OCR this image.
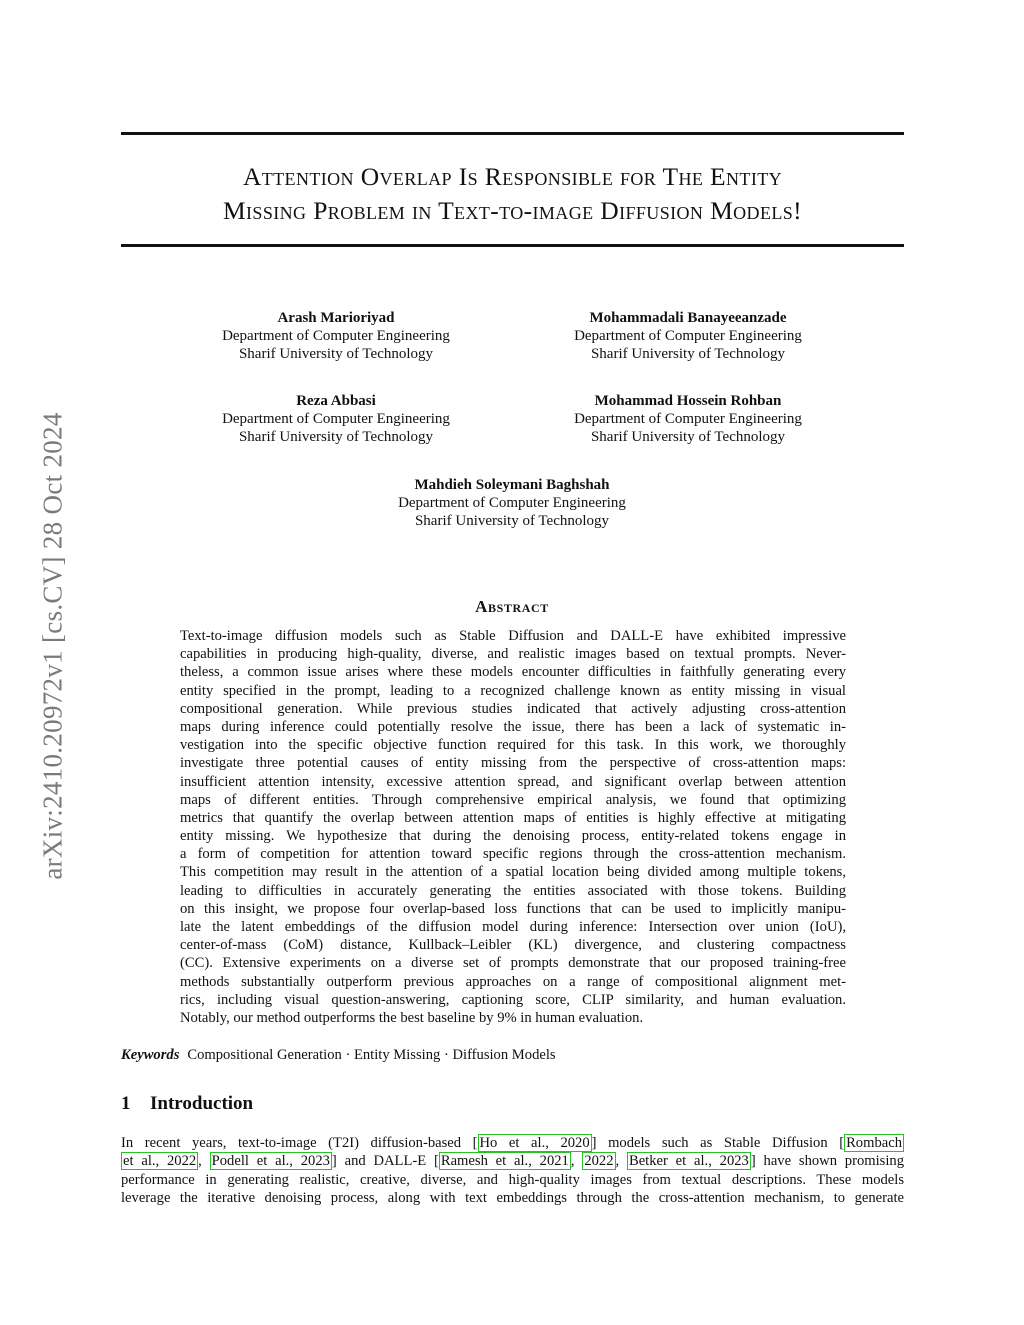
arXiv:2410.20972v1 [cs.CV] 28 Oct 2024
Attention Overlap Is Responsible for The Entity
Missing Problem in Text-to-image Diffusion Models!
Arash Marioriyad
Department of Computer Engineering
Sharif University of Technology
Mohammadali Banayeeanzade
Department of Computer Engineering
Sharif University of Technology
Reza Abbasi
Department of Computer Engineering
Sharif University of Technology
Mohammad Hossein Rohban
Department of Computer Engineering
Sharif University of Technology
Mahdieh Soleymani Baghshah
Department of Computer Engineering
Sharif University of Technology
Abstract
Text-to-image diffusion models such as Stable Diffusion and DALL-E have exhibited impressive
capabilities in producing high-quality, diverse, and realistic images based on textual prompts. Never-
theless, a common issue arises where these models encounter difficulties in faithfully generating every
entity specified in the prompt, leading to a recognized challenge known as entity missing in visual
compositional generation. While previous studies indicated that actively adjusting cross-attention
maps during inference could potentially resolve the issue, there has been a lack of systematic in-
vestigation into the specific objective function required for this task. In this work, we thoroughly
investigate three potential causes of entity missing from the perspective of cross-attention maps:
insufficient attention intensity, excessive attention spread, and significant overlap between attention
maps of different entities. Through comprehensive empirical analysis, we found that optimizing
metrics that quantify the overlap between attention maps of entities is highly effective at mitigating
entity missing. We hypothesize that during the denoising process, entity-related tokens engage in
a form of competition for attention toward specific regions through the cross-attention mechanism.
This competition may result in the attention of a spatial location being divided among multiple tokens,
leading to difficulties in accurately generating the entities associated with those tokens. Building
on this insight, we propose four overlap-based loss functions that can be used to implicitly manipu-
late the latent embeddings of the diffusion model during inference: Intersection over union (IoU),
center-of-mass (CoM) distance, Kullback–Leibler (KL) divergence, and clustering compactness
(CC). Extensive experiments on a diverse set of prompts demonstrate that our proposed training-free
methods substantially outperform previous approaches on a range of compositional alignment met-
rics, including visual question-answering, captioning score, CLIP similarity, and human evaluation.
Notably, our method outperforms the best baseline by 9% in human evaluation.
Keywords Compositional Generation · Entity Missing · Diffusion Models
1 Introduction
In recent years, text-to-image (T2I) diffusion-based [ Ho et al., 2020 ] models such as Stable Diffusion [ Rombach
et al., 2022 , Podell et al., 2023 ] and DALL-E [ Ramesh et al., 2021 , 2022 , Betker et al., 2023 ] have shown promising
performance in generating realistic, creative, diverse, and high-quality images from textual descriptions. These models
leverage the iterative denoising process, along with text embeddings through the cross-attention mechanism, to generate
